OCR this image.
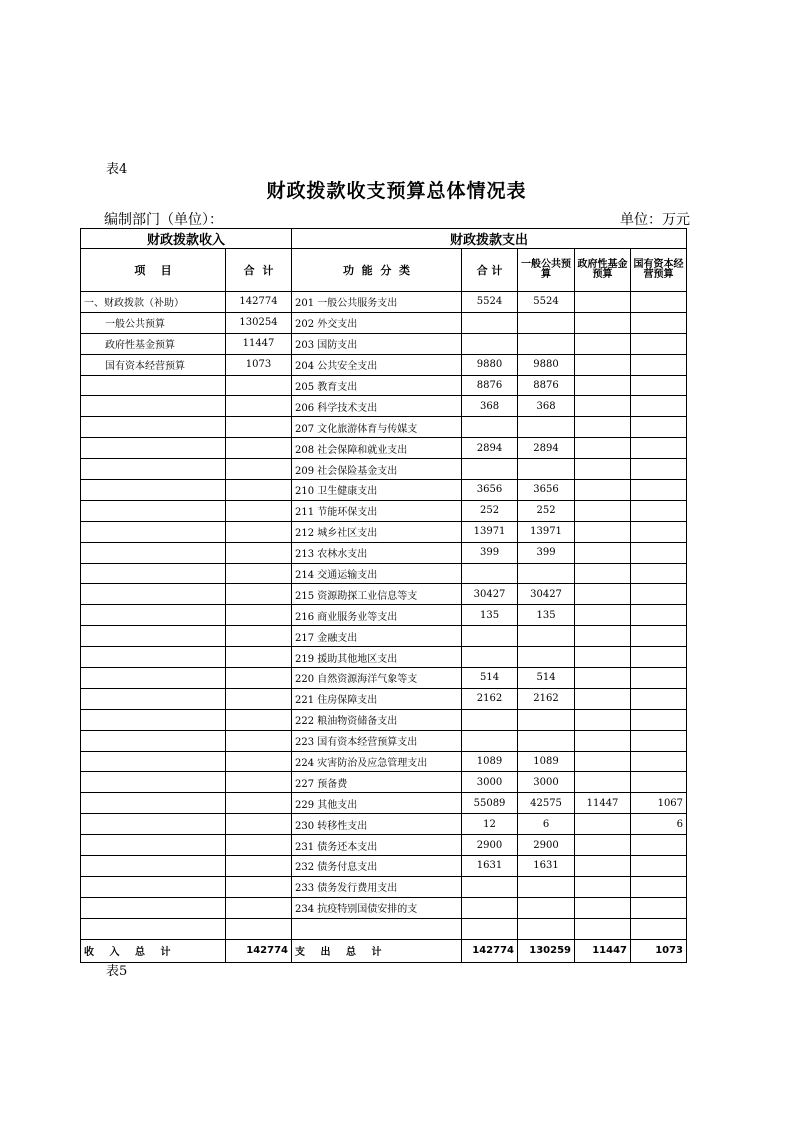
表4
财政拨款收支预算总体情况表
编制部门（单位）：	单位：万元
财政拨款收入		财政拨款支出				
项    目	合  计	功  能  分  类	合 计	一般公共预算	政府性基金预算	国有资本经营预算
一、财政拨款（补助）	142774	201 一般公共服务支出	5524	5524		
一般公共预算	130254	202 外交支出				
政府性基金预算	11447	203 国防支出				
国有资本经营预算	1073	204 公共安全支出	9880	9880		
		205 教育支出	8876	8876		
		206 科学技术支出	368	368		
		207 文化旅游体育与传媒支				
		208 社会保障和就业支出	2894	2894		
		209 社会保险基金支出				
		210 卫生健康支出	3656	3656		
		211 节能环保支出	252	252		
		212 城乡社区支出	13971	13971		
		213 农林水支出	399	399		
		214 交通运输支出				
		215 资源勘探工业信息等支	30427	30427		
		216 商业服务业等支出	135	135		
		217 金融支出				
		219 援助其他地区支出				
		220 自然资源海洋气象等支	514	514		
		221 住房保障支出	2162	2162		
		222 粮油物资储备支出				
		223 国有资本经营预算支出				
		224 灾害防治及应急管理支出	1089	1089		
		227 预备费	3000	3000		
		229 其他支出	55089	42575	11447	1067
		230 转移性支出	12	6		6
		231 债务还本支出	2900	2900		
		232 债务付息支出	1631	1631		
		233 债务发行费用支出				
		234 抗疫特别国债安排的支				

收 入 总 计	142774	支 出 总 计	142774	130259	11447	1073
表5
